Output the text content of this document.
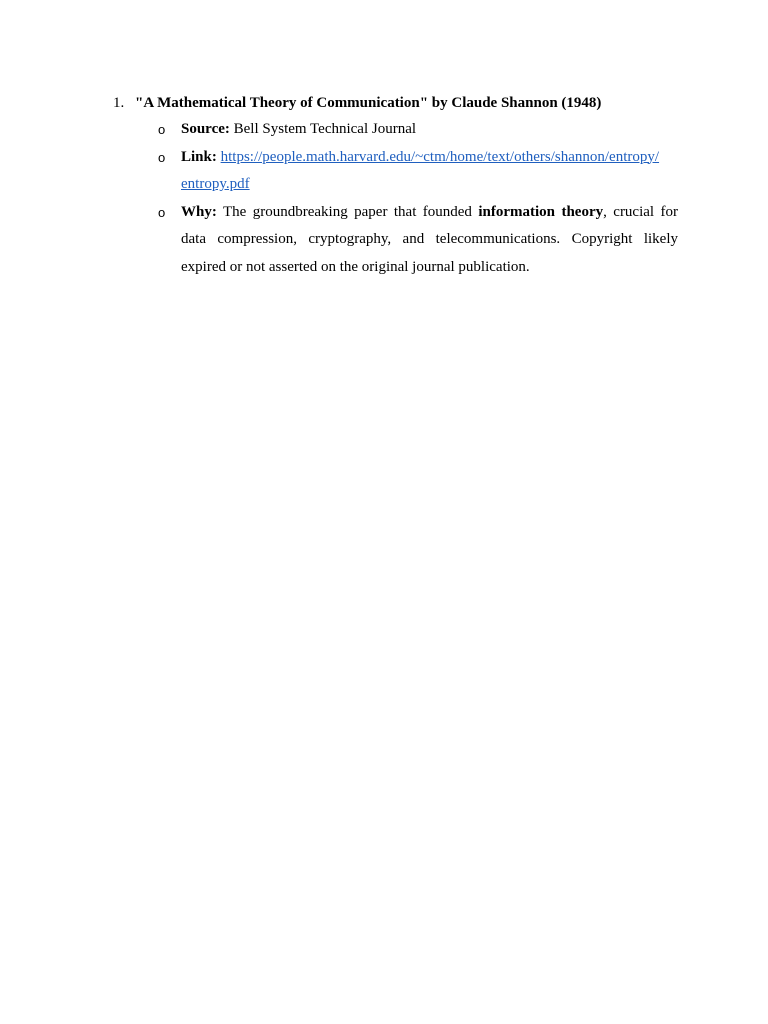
1. "A Mathematical Theory of Communication" by Claude Shannon (1948)
o Source: Bell System Technical Journal
o Link: https://people.math.harvard.edu/~ctm/home/text/others/shannon/entropy/
entropy.pdf
o Why: The groundbreaking paper that founded information theory, crucial for data compression, cryptography, and telecommunications. Copyright likely expired or not asserted on the original journal publication.
